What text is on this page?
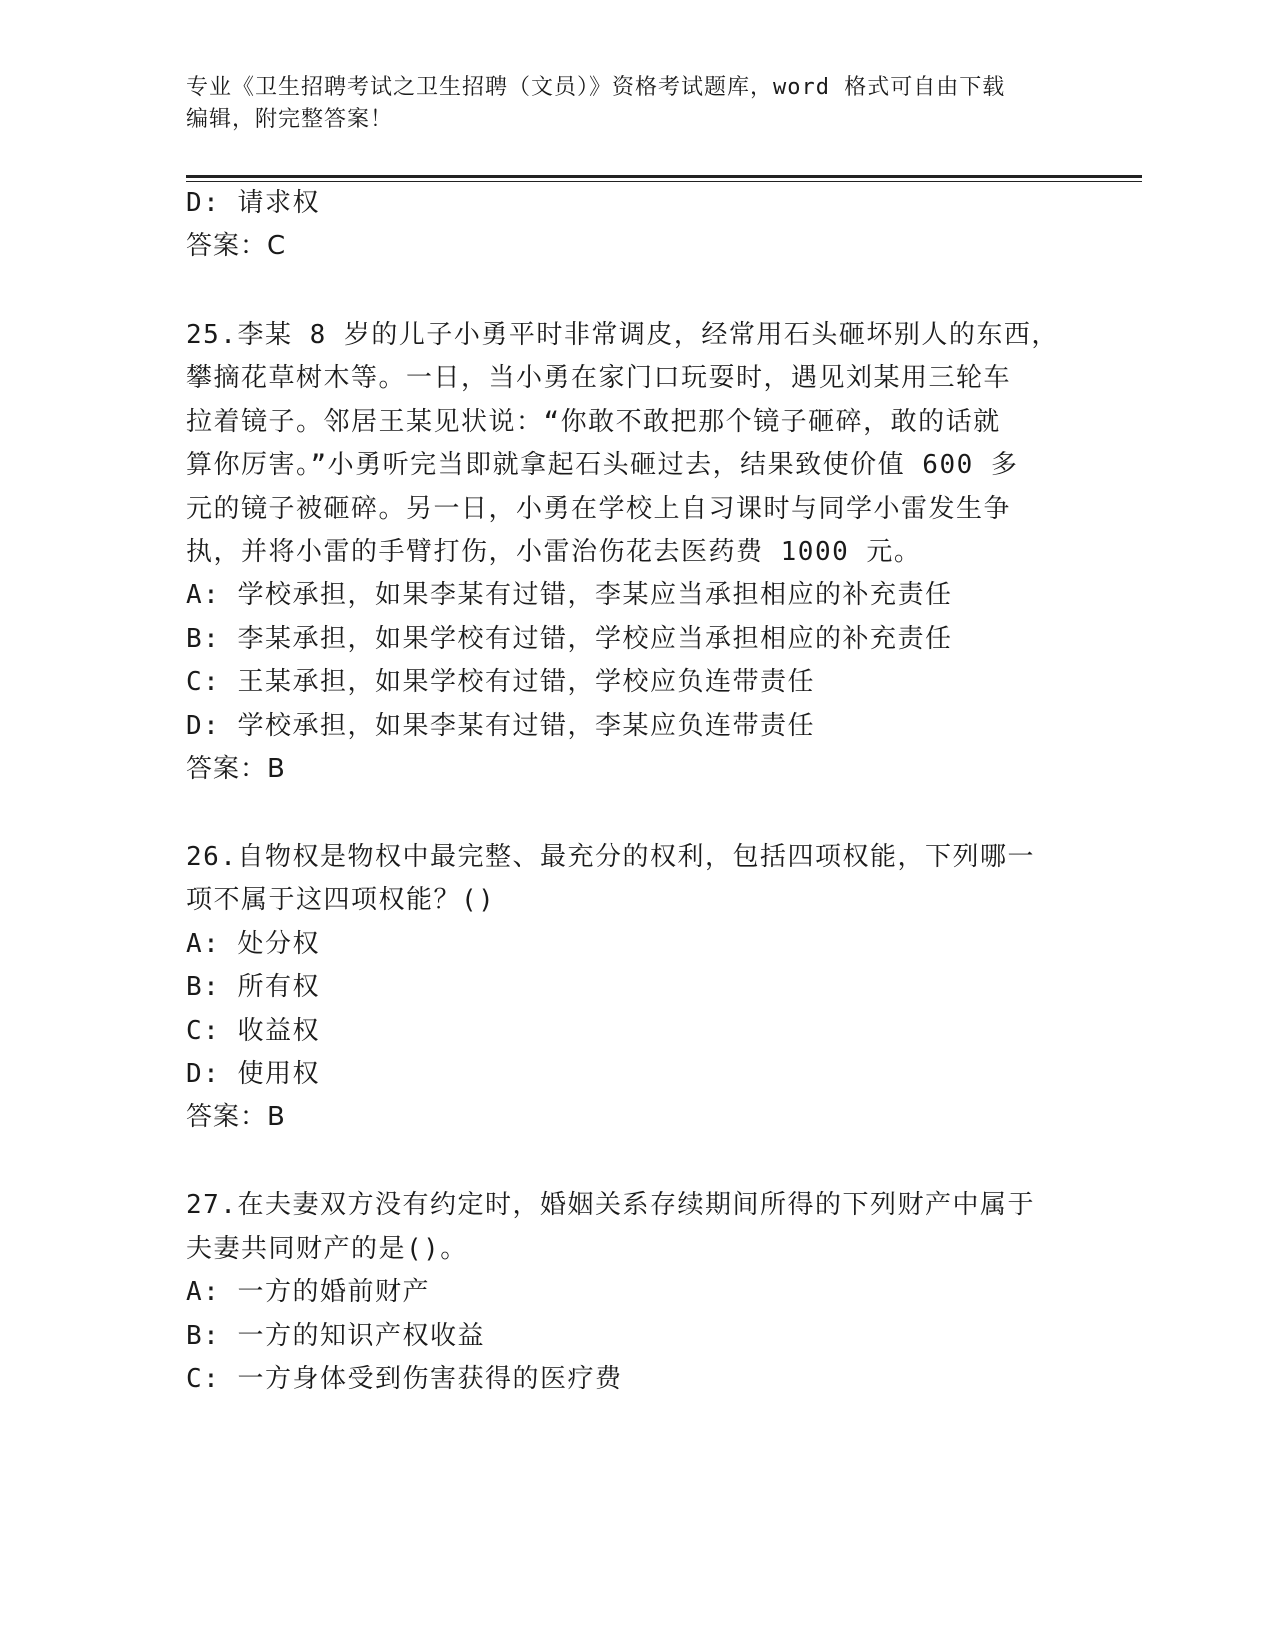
专业《卫生招聘考试之卫生招聘（文员）》资格考试题库，word 格式可自由下载
编辑，附完整答案！
D: 请求权
答案：C
25.李某 8 岁的儿子小勇平时非常调皮，经常用石头砸坏别人的东西，
攀摘花草树木等。一日，当小勇在家门口玩耍时，遇见刘某用三轮车
拉着镜子。邻居王某见状说：“你敢不敢把那个镜子砸碎，敢的话就
算你厉害。”小勇听完当即就拿起石头砸过去，结果致使价值 600 多
元的镜子被砸碎。另一日，小勇在学校上自习课时与同学小雷发生争
执，并将小雷的手臂打伤，小雷治伤花去医药费 1000 元。
A: 学校承担，如果李某有过错，李某应当承担相应的补充责任
B: 李某承担，如果学校有过错，学校应当承担相应的补充责任
C: 王某承担，如果学校有过错，学校应负连带责任
D: 学校承担，如果李某有过错，李某应负连带责任
答案：B
26.自物权是物权中最完整、最充分的权利，包括四项权能，下列哪一
项不属于这四项权能？()
A: 处分权
B: 所有权
C: 收益权
D: 使用权
答案：B
27.在夫妻双方没有约定时，婚姻关系存续期间所得的下列财产中属于
夫妻共同财产的是()。
A: 一方的婚前财产
B: 一方的知识产权收益
C: 一方身体受到伤害获得的医疗费
